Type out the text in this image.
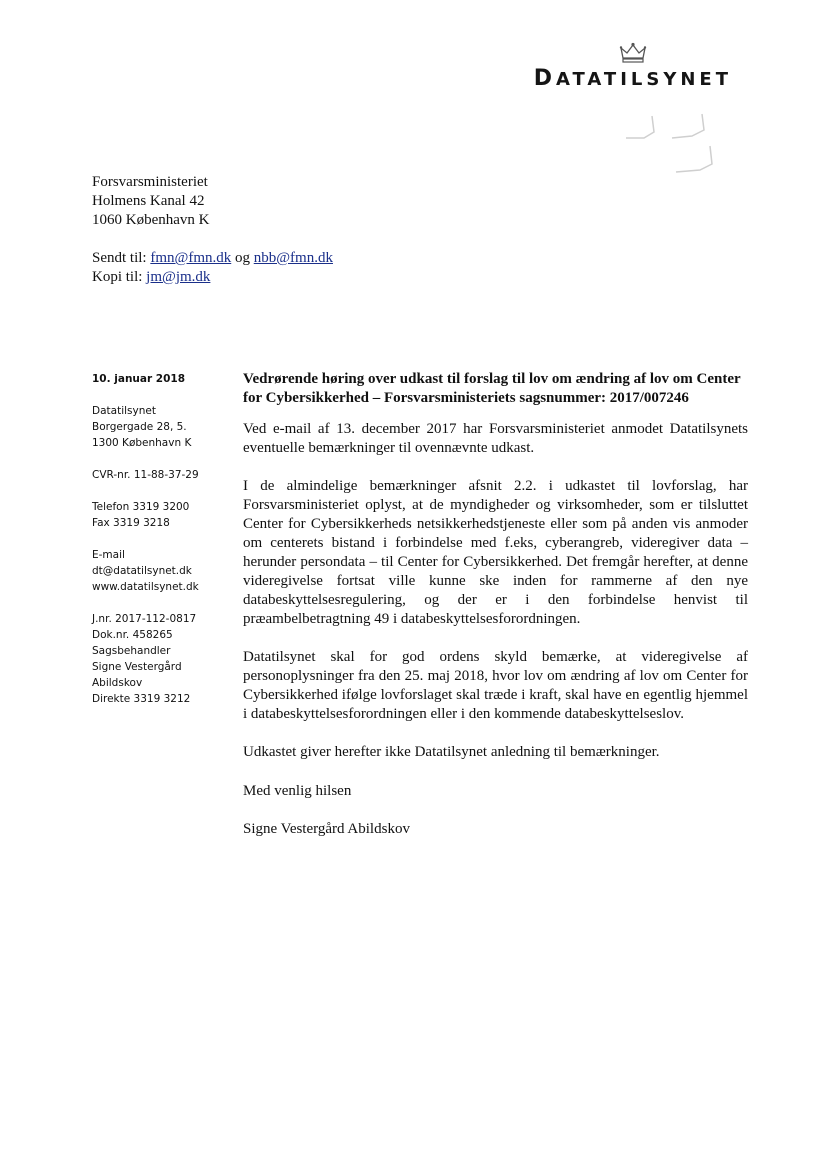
DATATILSYNET
Forsvarsministeriet
Holmens Kanal 42
1060 København K
Sendt til: fmn@fmn.dk og nbb@fmn.dk
Kopi til: jm@jm.dk
10. januar 2018
Datatilsynet
Borgergade 28, 5.
1300 København K
CVR-nr. 11-88-37-29
Telefon 3319 3200
Fax 3319 3218
E-mail
dt@datatilsynet.dk
www.datatilsynet.dk
J.nr. 2017-112-0817
Dok.nr. 458265
Sagsbehandler
Signe Vestergård
Abildskov
Direkte 3319 3212
Vedrørende høring over udkast til forslag til lov om ændring af lov om Center for Cybersikkerhed – Forsvarsministeriets sagsnummer: 2017/007246

Ved e-mail af 13. december 2017 har Forsvarsministeriet anmodet Datatilsynets eventuelle bemærkninger til ovennævnte udkast.

I de almindelige bemærkninger afsnit 2.2. i udkastet til lovforslag, har Forsvarsministeriet oplyst, at de myndigheder og virksomheder, som er tilsluttet Center for Cybersikkerheds netsikkerhedstjeneste eller som på anden vis anmoder om centerets bistand i forbindelse med f.eks, cyberangreb, videregiver data – herunder persondata – til Center for Cybersikkerhed. Det fremgår herefter, at denne videregivelse fortsat ville kunne ske inden for rammerne af den nye databeskyttelsesregulering, og der er i den forbindelse henvist til præambelbetragtning 49 i databeskyttelsesforordningen.

Datatilsynet skal for god ordens skyld bemærke, at videregivelse af personoplysninger fra den 25. maj 2018, hvor lov om ændring af lov om Center for Cybersikkerhed ifølge lovforslaget skal træde i kraft, skal have en egentlig hjemmel i databeskyttelsesforordningen eller i den kommende databeskyttelseslov.

Udkastet giver herefter ikke Datatilsynet anledning til bemærkninger.

Med venlig hilsen
Signe Vestergård Abildskov
